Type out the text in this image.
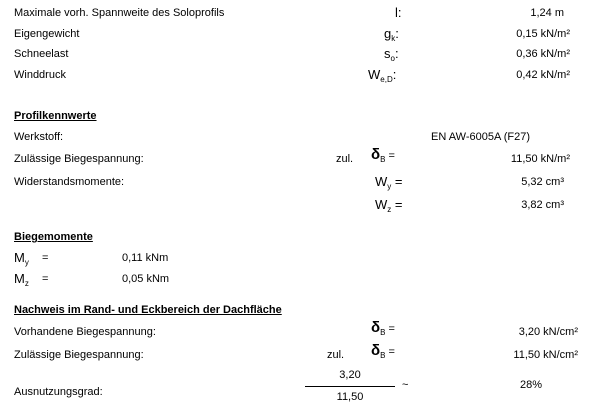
Maximale vorh. Spannweite des Soloprofils	l:	1,24 m
Eigengewicht	$g_k$:	0,15 kN/m²
Schneelast	$s_o$:	0,36 kN/m²
Winddruck	$W_{e,D}$:	0,42 kN/m²
Profilkennwerte
Werkstoff:	EN AW-6005A (F27)
Zulässige Biegespannung:	zul. $\delta_B$ =	11,50 kN/m²
Widerstandsmomente:	$W_y$ =	5,32 cm³
$W_z$ =	3,82 cm³
Biegemomente
$M_y$ =	0,11 kNm
$M_z$ =	0,05 kNm
Nachweis im Rand- und Eckbereich der Dachfläche
Vorhandene Biegespannung:	$\delta_B$ =	3,20 kN/cm²
Zulässige Biegespannung:	zul. $\delta_B$ =	11,50 kN/cm²
Ausnutzungsgrad:
3,20
11,50
~	28%
